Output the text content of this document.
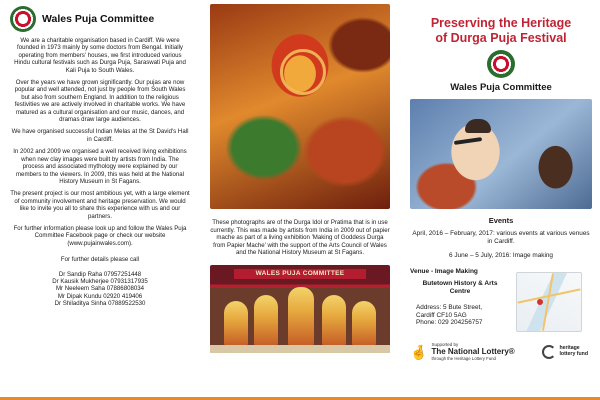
Wales Puja Committee

We are a charitable organisation based in Cardiff. We were founded in 1973 mainly by some doctors from Bengal. Initially operating from members' houses, we first introduced various Hindu cultural festivals such as Durga Puja, Saraswati Puja and Kali Puja to South Wales.

Over the years we have grown significantly. Our pujas are now popular and well attended, not just by people from South Wales but also from southern England. In addition to the religious festivities we are actively involved in charitable works. We have matured as a cultural organisation and our music, dances, and dramas draw large audiences.

We have organised successful Indian Melas at the St David's Hall in Cardiff.

In 2002 and 2009 we organised a well received living exhibitions when new clay images were built by artists from India. The process and associated mythology were explained by our members to the viewers. In 2009, this was held at the National History Museum in St Fagans.

The present project is our most ambitious yet, with a large element of community involvement and heritage preservation. We would like to invite you all to share this experience with us and our partners.

For further information please look up and follow the Wales Puja Committee Facebook page or check our website (www.pujainwales.com).

For further details please call

Dr Sandip Raha 07957251448
Dr Kausik Mukherjee 07931317935
Mr Neeleem Saha 07886808034
Mr Dipak Kundu 02920 419406
Dr Shiladitya Sinha 07889522530

These photographs are of the Durga Idol or Pratima that is in use currently. This was made by artists from India in 2009 out of papier mache as part of a living exhibition 'Making of Goddess Durga from Papier Mache' with the support of the Arts Council of Wales and the National History Museum at St Fagans.

WALES PUJA COMMITTEE
Preserving the Heritage
of Durga Puja Festival
Wales Puja Committee
Events

April, 2016 – February, 2017: various events at various venues in Cardiff.

6 June – 5 July, 2016: Image making

Venue - Image Making
Butetown History & Arts
Centre
Address: 5 Bute Street,
Cardiff CF10 5AG
Phone: 029 204256757
🤞 Supported by
The National Lottery®
through the Heritage Lottery Fund
heritage
lottery fund
